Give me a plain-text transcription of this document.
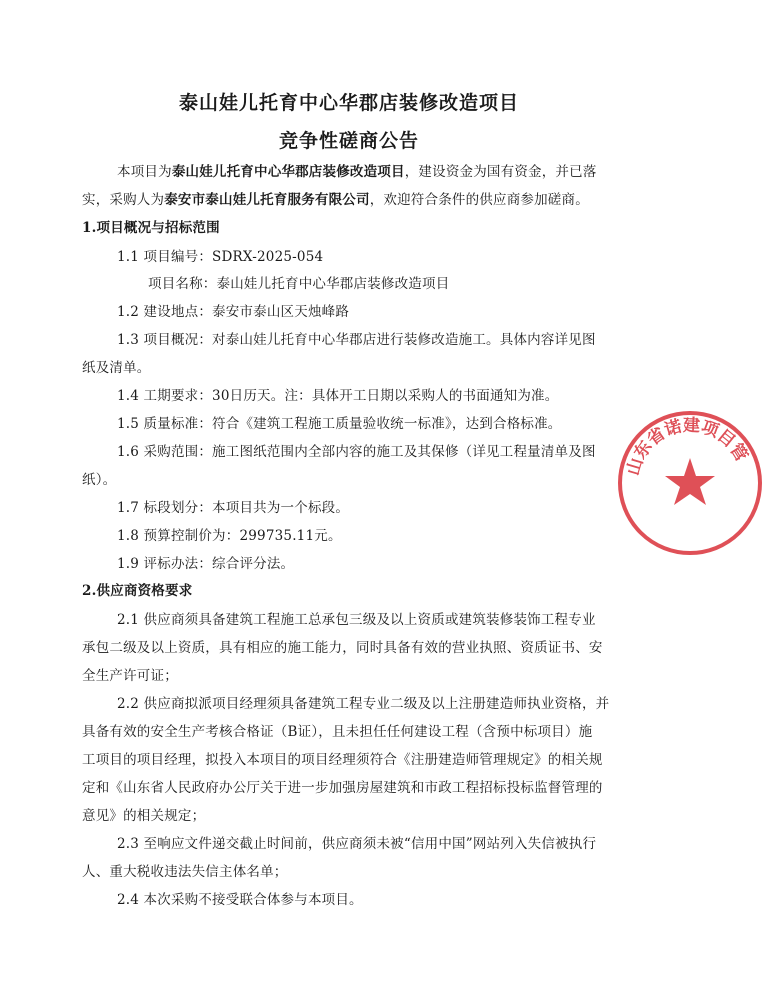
泰山娃儿托育中心华郡店装修改造项目
竞争性磋商公告
本项目为泰山娃儿托育中心华郡店装修改造项目，建设资金为国有资金，并已落
实，采购人为泰安市泰山娃儿托育服务有限公司，欢迎符合条件的供应商参加磋商。
1.项目概况与招标范围
1.1 项目编号：SDRX-2025-054
项目名称：泰山娃儿托育中心华郡店装修改造项目
1.2 建设地点：泰安市泰山区天烛峰路
1.3 项目概况：对泰山娃儿托育中心华郡店进行装修改造施工。具体内容详见图
纸及清单。
1.4 工期要求：30日历天。注：具体开工日期以采购人的书面通知为准。
1.5 质量标准：符合《建筑工程施工质量验收统一标准》，达到合格标准。
1.6 采购范围：施工图纸范围内全部内容的施工及其保修（详见工程量清单及图
纸）。
1.7 标段划分：本项目共为一个标段。
1.8 预算控制价为：299735.11元。
1.9 评标办法：综合评分法。
2.供应商资格要求
2.1 供应商须具备建筑工程施工总承包三级及以上资质或建筑装修装饰工程专业
承包二级及以上资质，具有相应的施工能力，同时具备有效的营业执照、资质证书、安
全生产许可证；
2.2 供应商拟派项目经理须具备建筑工程专业二级及以上注册建造师执业资格，并
具备有效的安全生产考核合格证（B证），且未担任任何建设工程（含预中标项目）施
工项目的项目经理，拟投入本项目的项目经理须符合《注册建造师管理规定》的相关规
定和《山东省人民政府办公厅关于进一步加强房屋建筑和市政工程招标投标监督管理的
意见》的相关规定；
2.3 至响应文件递交截止时间前，供应商须未被“信用中国”网站列入失信被执行
人、重大税收违法失信主体名单；
2.4 本次采购不接受联合体参与本项目。
山东省诺建项目管
